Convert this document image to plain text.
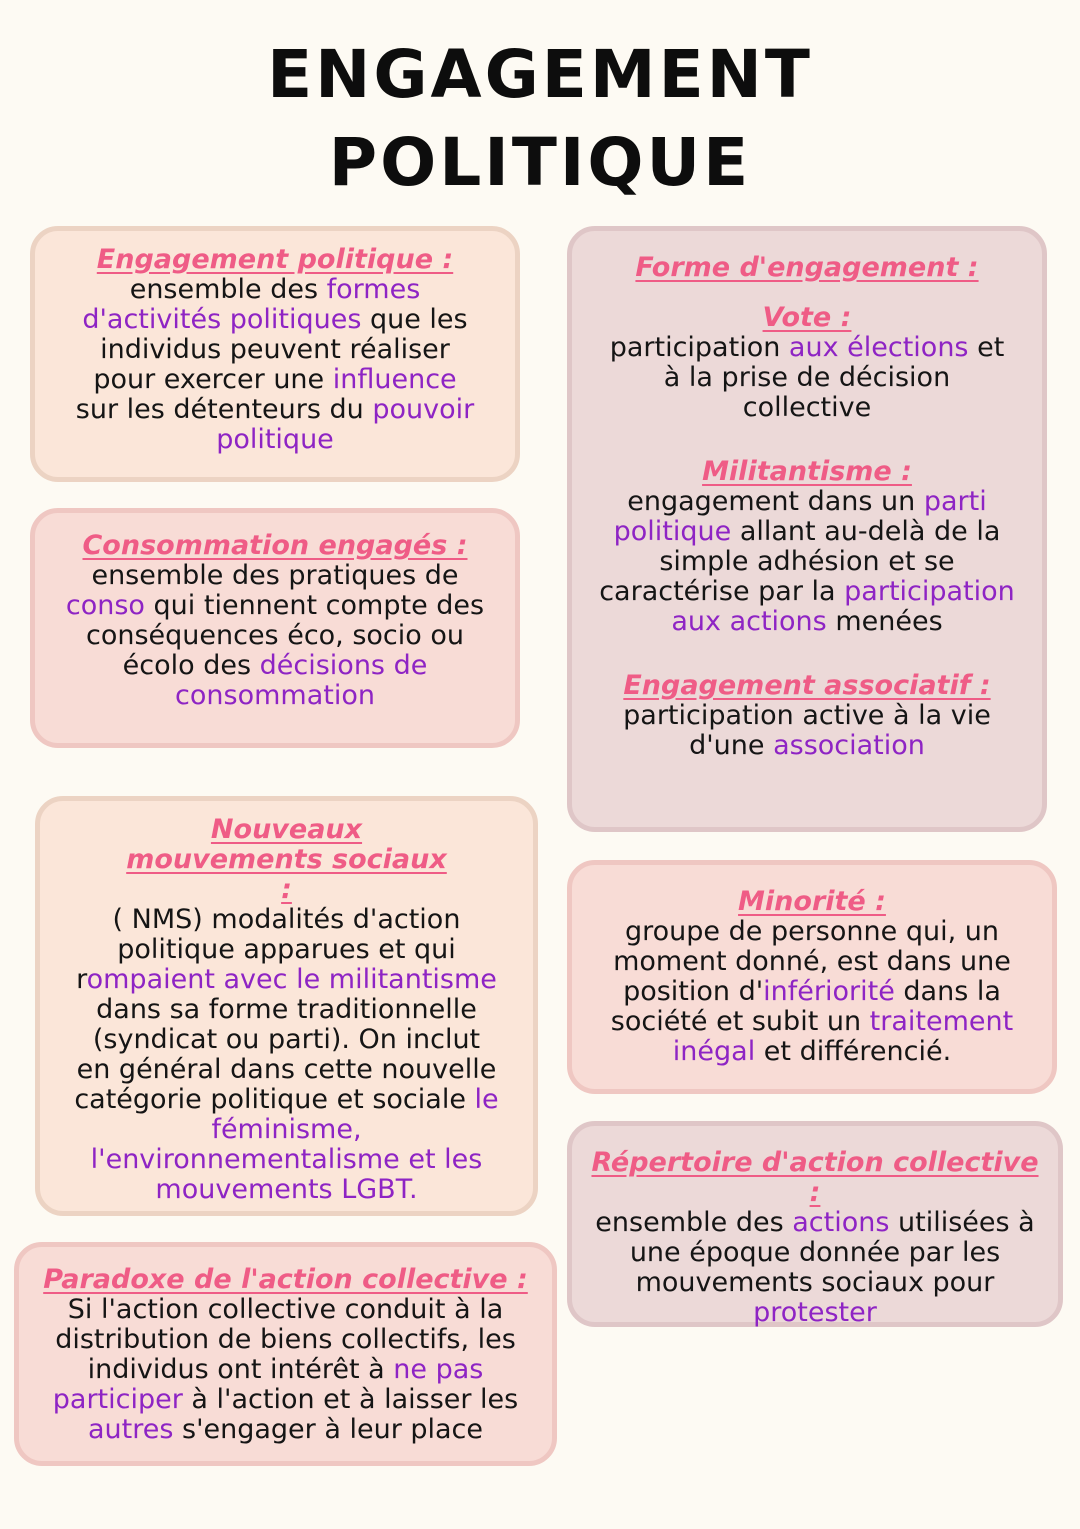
ENGAGEMENT
POLITIQUE
Engagement politique :
ensemble des formes d'activités politiques que les individus peuvent réaliser pour exercer une influence sur les détenteurs du pouvoir politique
Consommation engagés :
ensemble des pratiques de conso qui tiennent compte des conséquences éco, socio ou écolo des décisions de consommation
Nouveaux mouvements sociaux :
( NMS) modalités d'action politique apparues et qui rompaient avec le militantisme dans sa forme traditionnelle (syndicat ou parti). On inclut en général dans cette nouvelle catégorie politique et sociale le féminisme, l'environnementalisme et les mouvements LGBT.
Paradoxe de l'action collective :
Si l'action collective conduit à la distribution de biens collectifs, les individus ont intérêt à ne pas participer à l'action et à laisser les autres s'engager à leur place
Forme d'engagement :
Vote :
participation aux élections et à la prise de décision collective
Militantisme :
engagement dans un parti politique allant au-delà de la simple adhésion et se caractérise par la participation aux actions menées
Engagement associatif :
participation active à la vie d'une association
Minorité :
groupe de personne qui, un moment donné, est dans une position d'infériorité dans la société et subit un traitement inégal et différencié.
Répertoire d'action collective :
ensemble des actions utilisées à une époque donnée par les mouvements sociaux pour protester
